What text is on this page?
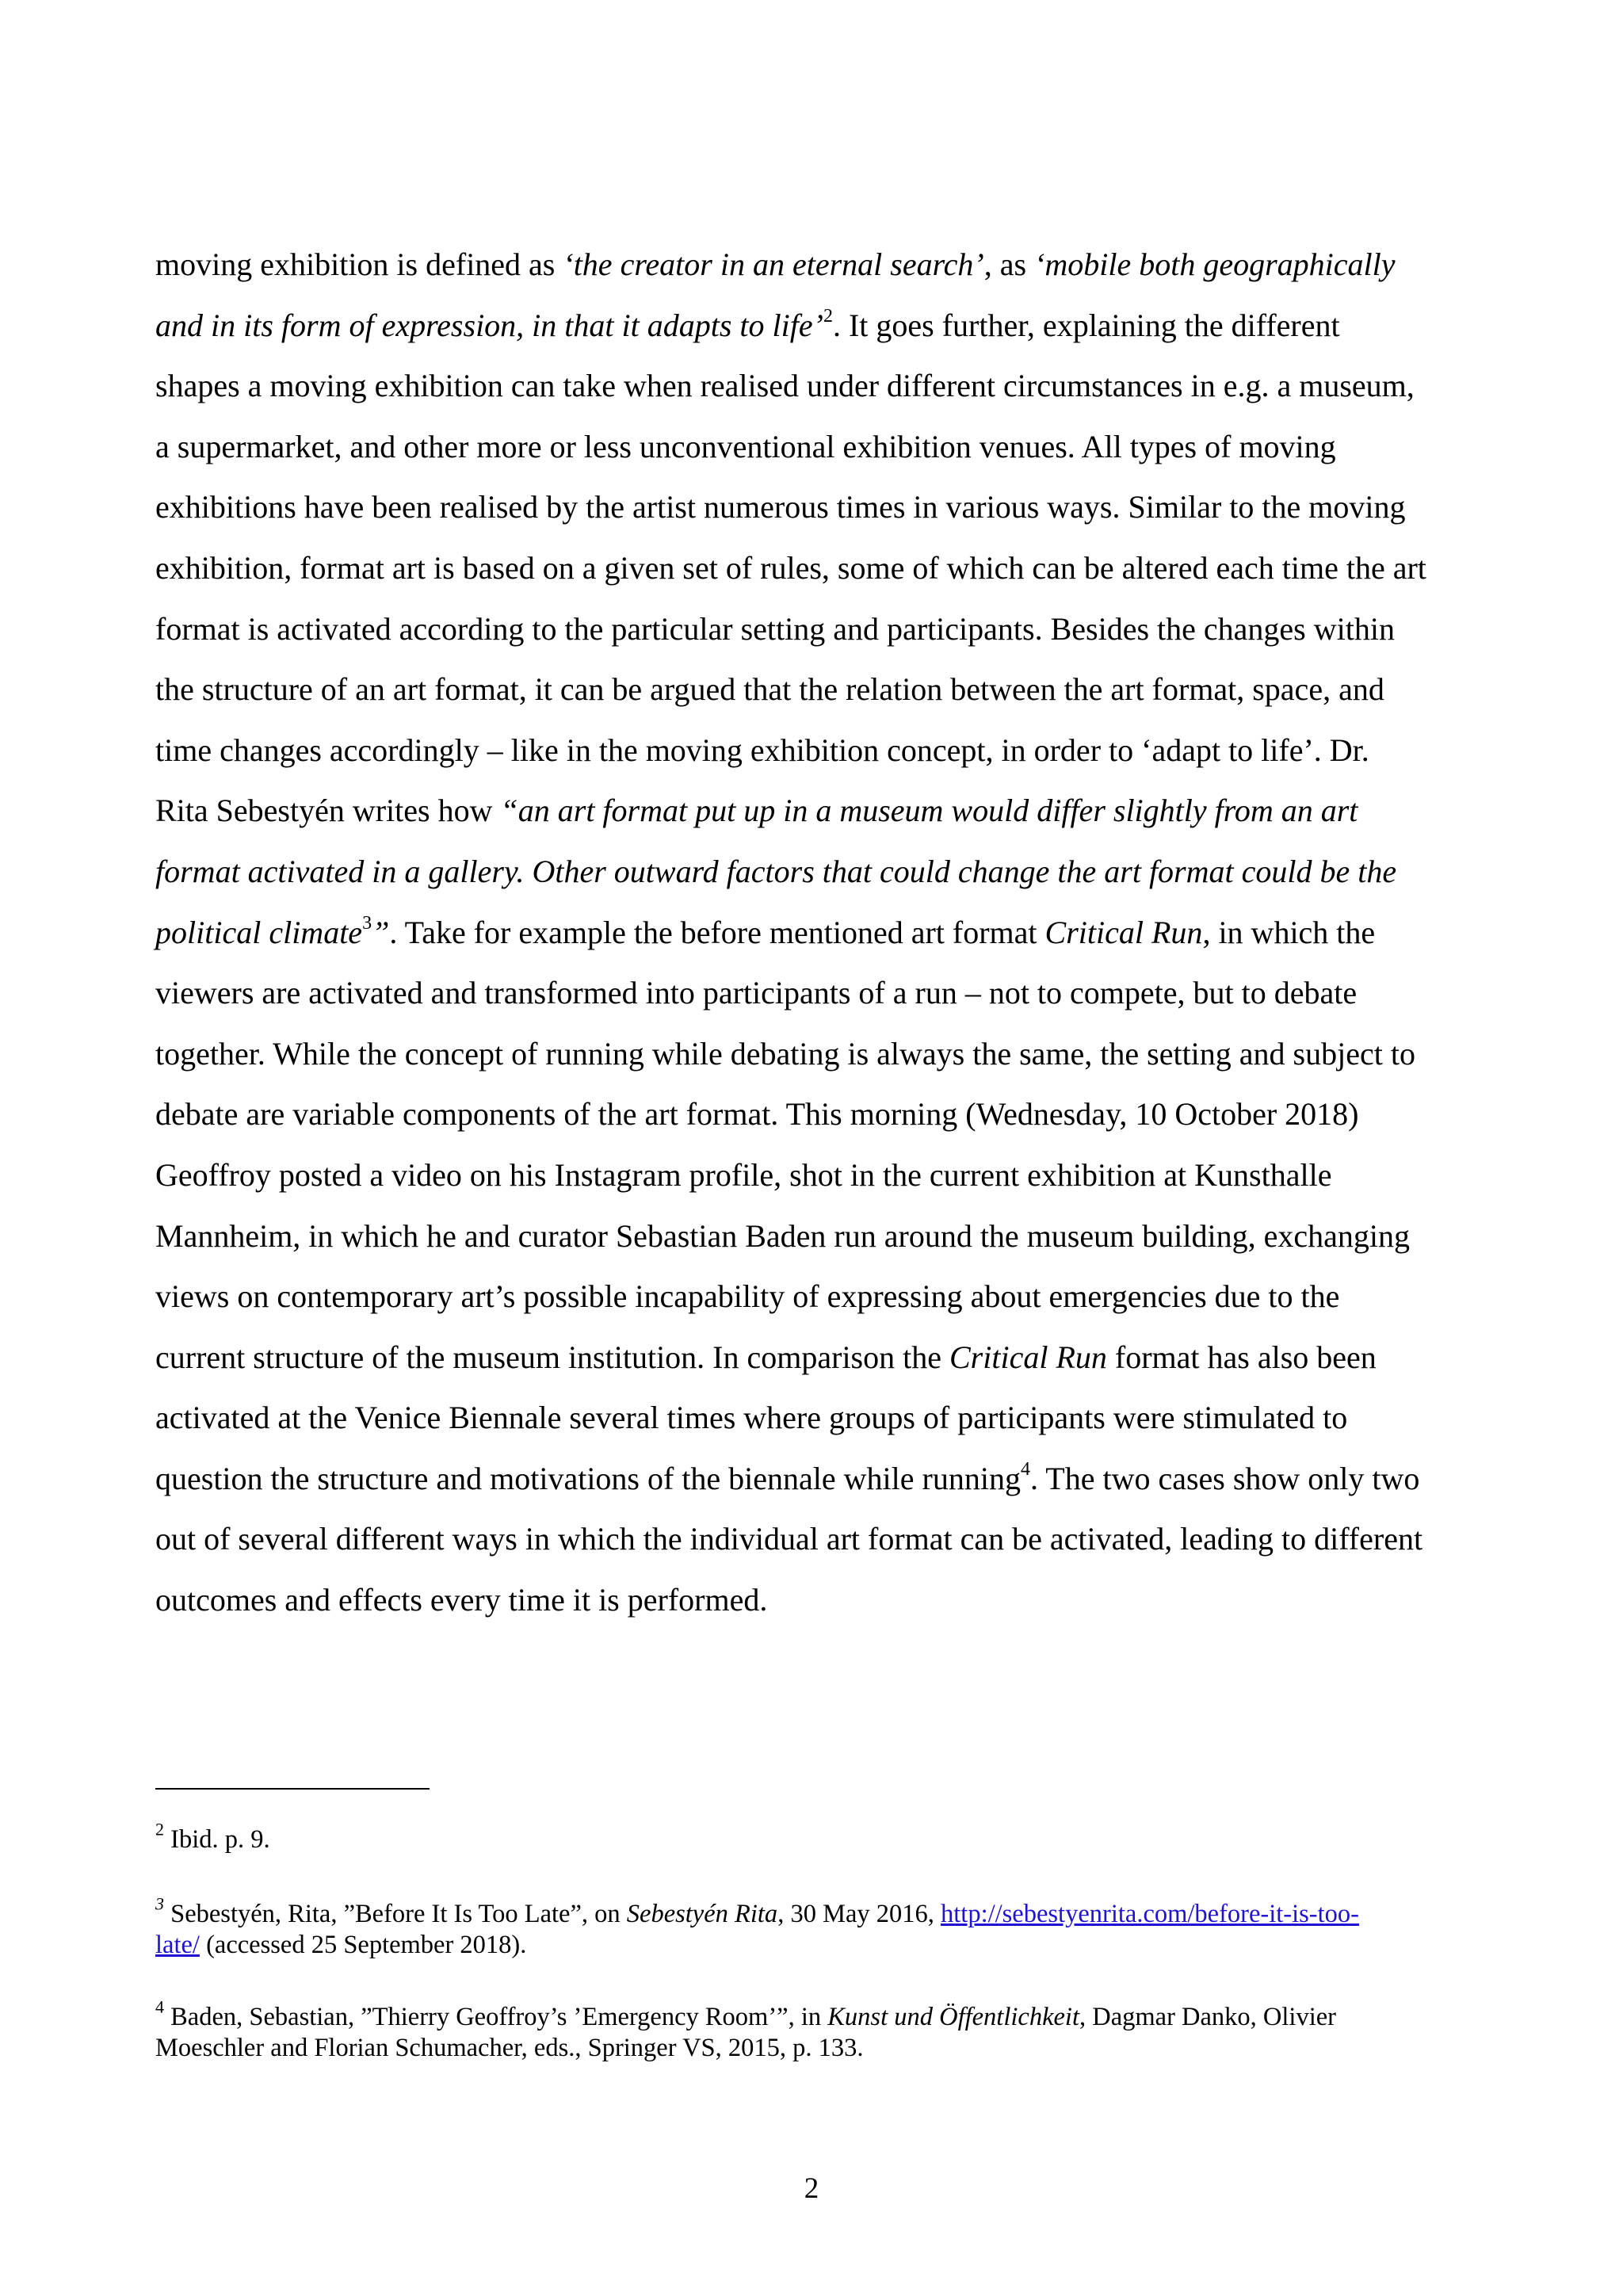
moving exhibition is defined as ‘the creator in an eternal search’, as ‘mobile both geographically
and in its form of expression, in that it adapts to life’$^2$. It goes further, explaining the different
shapes a moving exhibition can take when realised under different circumstances in e.g. a museum,
a supermarket, and other more or less unconventional exhibition venues. All types of moving
exhibitions have been realised by the artist numerous times in various ways. Similar to the moving
exhibition, format art is based on a given set of rules, some of which can be altered each time the art
format is activated according to the particular setting and participants. Besides the changes within
the structure of an art format, it can be argued that the relation between the art format, space, and
time changes accordingly – like in the moving exhibition concept, in order to ‘adapt to life’. Dr.
Rita Sebestyén writes how “an art format put up in a museum would differ slightly from an art
format activated in a gallery. Other outward factors that could change the art format could be the
political climate$^3$”. Take for example the before mentioned art format Critical Run, in which the
viewers are activated and transformed into participants of a run – not to compete, but to debate
together. While the concept of running while debating is always the same, the setting and subject to
debate are variable components of the art format. This morning (Wednesday, 10 October 2018)
Geoffroy posted a video on his Instagram profile, shot in the current exhibition at Kunsthalle
Mannheim, in which he and curator Sebastian Baden run around the museum building, exchanging
views on contemporary art’s possible incapability of expressing about emergencies due to the
current structure of the museum institution. In comparison the Critical Run format has also been
activated at the Venice Biennale several times where groups of participants were stimulated to
question the structure and motivations of the biennale while running$^4$. The two cases show only two
out of several different ways in which the individual art format can be activated, leading to different
outcomes and effects every time it is performed.

$^2$ Ibid. p. 9.

$^3$ Sebestyén, Rita, ”Before It Is Too Late”, on Sebestyén Rita, 30 May 2016, http://sebestyenrita.com/before-it-is-too-
late/ (accessed 25 September 2018).

$^4$ Baden, Sebastian, ”Thierry Geoffroy’s ’Emergency Room’”, in Kunst und Öffentlichkeit, Dagmar Danko, Olivier
Moeschler and Florian Schumacher, eds., Springer VS, 2015, p. 133.

2
